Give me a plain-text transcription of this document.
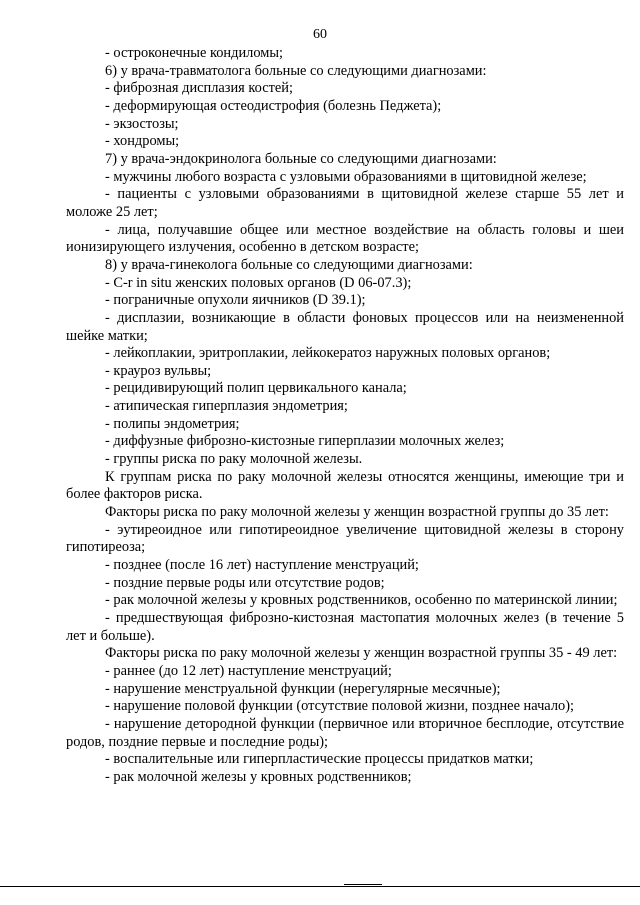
60

- остроконечные кондиломы;

6) у врача-травматолога больные со следующими диагнозами:

- фиброзная дисплазия костей;

- деформирующая остеодистрофия (болезнь Педжета);

- экзостозы;

- хондромы;

7) у врача-эндокринолога больные со следующими диагнозами:

- мужчины любого возраста с узловыми образованиями в щитовидной железе;

- пациенты с узловыми образованиями в щитовидной железе старше 55 лет и моложе 25 лет;

- лица, получавшие общее или местное воздействие на область головы и шеи ионизирующего излучения, особенно в детском возрасте;

8) у врача-гинеколога больные со следующими диагнозами:

- C-r in situ женских половых органов (D 06-07.3);

- пограничные опухоли яичников (D 39.1);

- дисплазии, возникающие в области фоновых процессов или на неизмененной шейке матки;

- лейкоплакии, эритроплакии, лейкокератоз наружных половых органов;

- крауроз вульвы;

- рецидивирующий полип цервикального канала;

- атипическая гиперплазия эндометрия;

- полипы эндометрия;

- диффузные фиброзно-кистозные гиперплазии молочных желез;

- группы риска по раку молочной железы.

К группам риска по раку молочной железы относятся женщины, имеющие три и более факторов риска.

Факторы риска по раку молочной железы у женщин возрастной группы до 35 лет:

- эутиреоидное или гипотиреоидное увеличение щитовидной железы в сторону гипотиреоза;

- позднее (после 16 лет) наступление менструаций;

- поздние первые роды или отсутствие родов;

- рак молочной железы у кровных родственников, особенно по материнской линии;

- предшествующая фиброзно-кистозная мастопатия молочных желез (в течение 5 лет и больше).

Факторы риска по раку молочной железы у женщин возрастной группы 35 - 49 лет:

- раннее (до 12 лет) наступление менструаций;

- нарушение менструальной функции (нерегулярные месячные);

- нарушение половой функции (отсутствие половой жизни, позднее начало);

- нарушение детородной функции (первичное или вторичное бесплодие, отсутствие родов, поздние первые и последние роды);

- воспалительные или гиперпластические процессы придатков матки;

- рак молочной железы у кровных родственников;
